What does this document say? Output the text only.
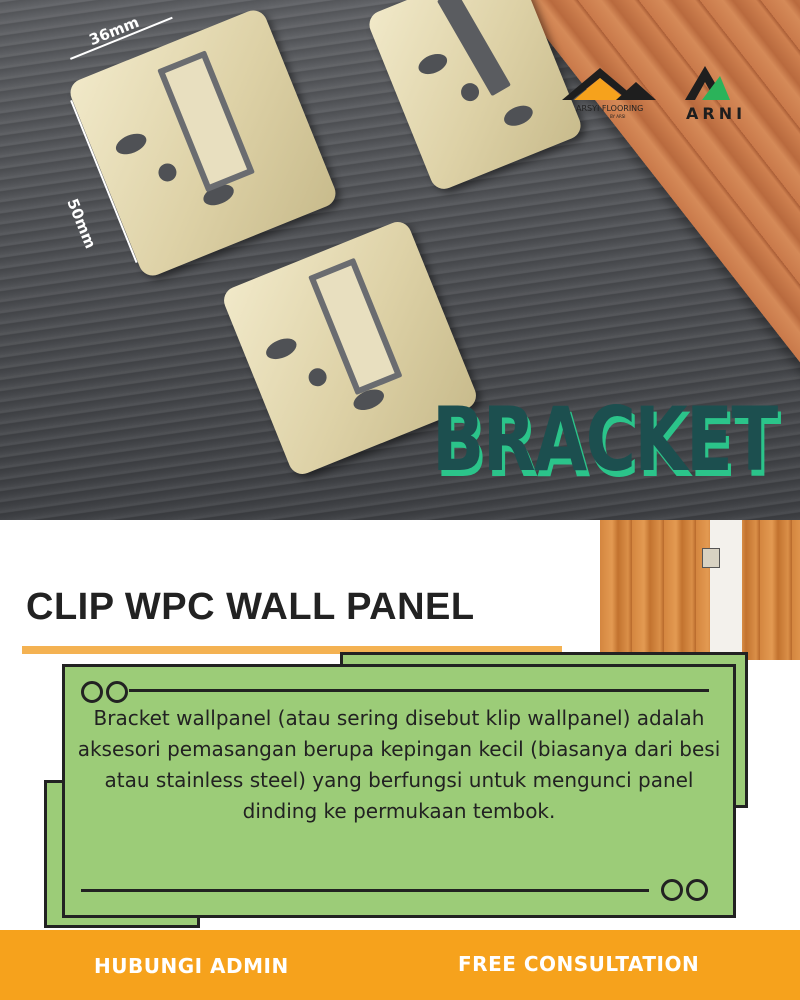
36mm
50mm
ARSYI FLOORING
BY ARSI	ARNI
BRACKET
CLIP WPC WALL PANEL
Bracket wallpanel (atau sering disebut klip wallpanel) adalah aksesori pemasangan berupa kepingan kecil (biasanya dari besi atau stainless steel) yang berfungsi untuk mengunci panel dinding ke permukaan tembok.
HUBUNGI ADMIN	FREE CONSULTATION
